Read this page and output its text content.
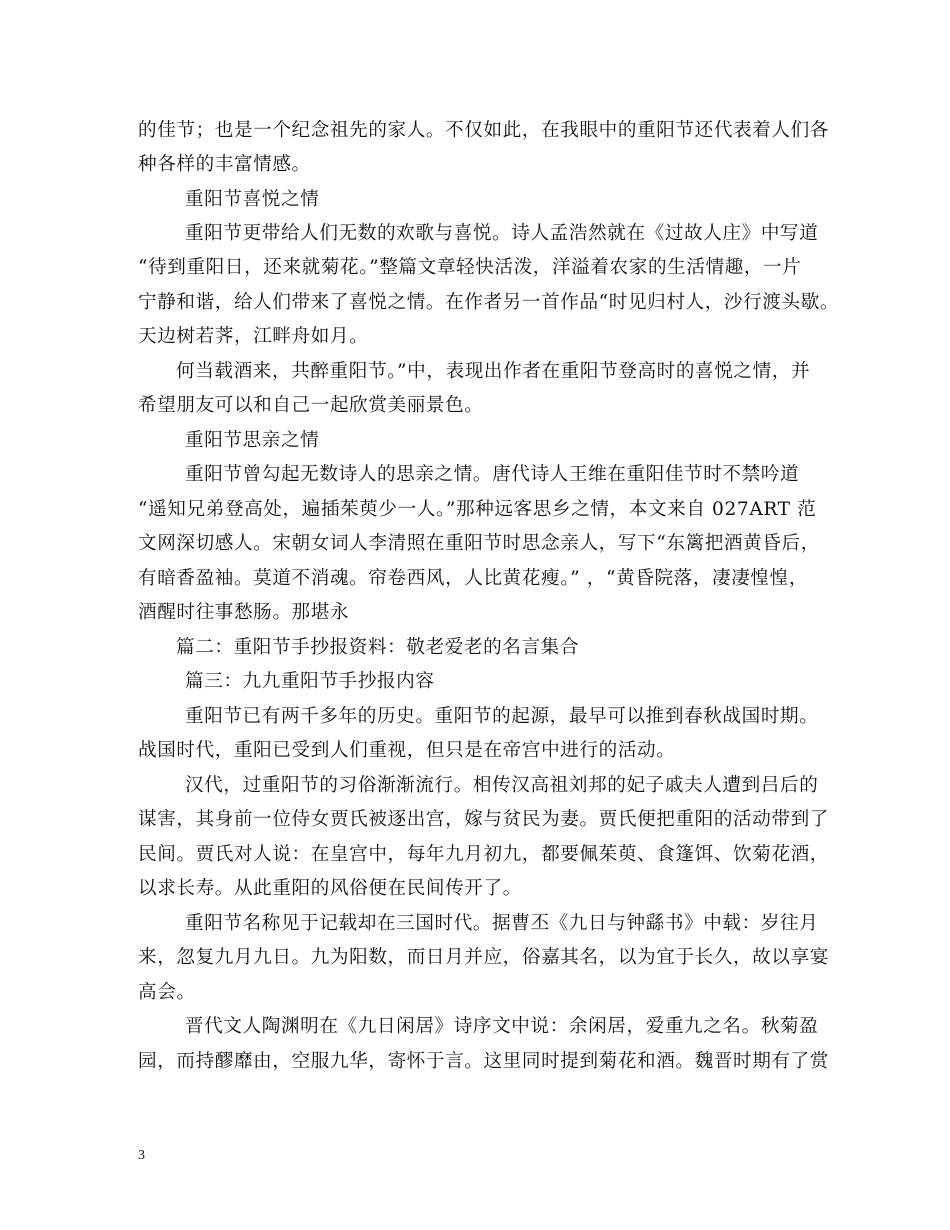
的佳节；也是一个纪念祖先的家人。不仅如此，在我眼中的重阳节还代表着人们各
种各样的丰富情感。
重阳节喜悦之情
重阳节更带给人们无数的欢歌与喜悦。诗人孟浩然就在《过故人庄》中写道
“待到重阳日，还来就菊花。”整篇文章轻快活泼，洋溢着农家的生活情趣，一片
宁静和谐，给人们带来了喜悦之情。在作者另一首作品“时见归村人，沙行渡头歇。
天边树若荠，江畔舟如月。
何当载酒来，共醉重阳节。”中，表现出作者在重阳节登高时的喜悦之情，并
希望朋友可以和自己一起欣赏美丽景色。
重阳节思亲之情
重阳节曾勾起无数诗人的思亲之情。唐代诗人王维在重阳佳节时不禁吟道
“遥知兄弟登高处，遍插茱萸少一人。”那种远客思乡之情，本文来自 027ART 范
文网深切感人。宋朝女词人李清照在重阳节时思念亲人，写下“东篱把酒黄昏后，
有暗香盈袖。莫道不消魂。帘卷西风，人比黄花瘦。” ，“黄昏院落，凄凄惶惶，
酒醒时往事愁肠。那堪永
篇二：重阳节手抄报资料：敬老爱老的名言集合
篇三：九九重阳节手抄报内容
重阳节已有两千多年的历史。重阳节的起源，最早可以推到春秋战国时期。
战国时代，重阳已受到人们重视，但只是在帝宫中进行的活动。
汉代，过重阳节的习俗渐渐流行。相传汉高祖刘邦的妃子戚夫人遭到吕后的
谋害，其身前一位侍女贾氏被逐出宫，嫁与贫民为妻。贾氏便把重阳的活动带到了
民间。贾氏对人说：在皇宫中，每年九月初九，都要佩茱萸、食篷饵、饮菊花酒，
以求长寿。从此重阳的风俗便在民间传开了。
重阳节名称见于记载却在三国时代。据曹丕《九日与钟繇书》中载：岁往月
来，忽复九月九日。九为阳数，而日月并应，俗嘉其名，以为宜于长久，故以享宴
高会。
晋代文人陶渊明在《九日闲居》诗序文中说：余闲居，爱重九之名。秋菊盈
园，而持醪靡由，空服九华，寄怀于言。这里同时提到菊花和酒。魏晋时期有了赏
3
